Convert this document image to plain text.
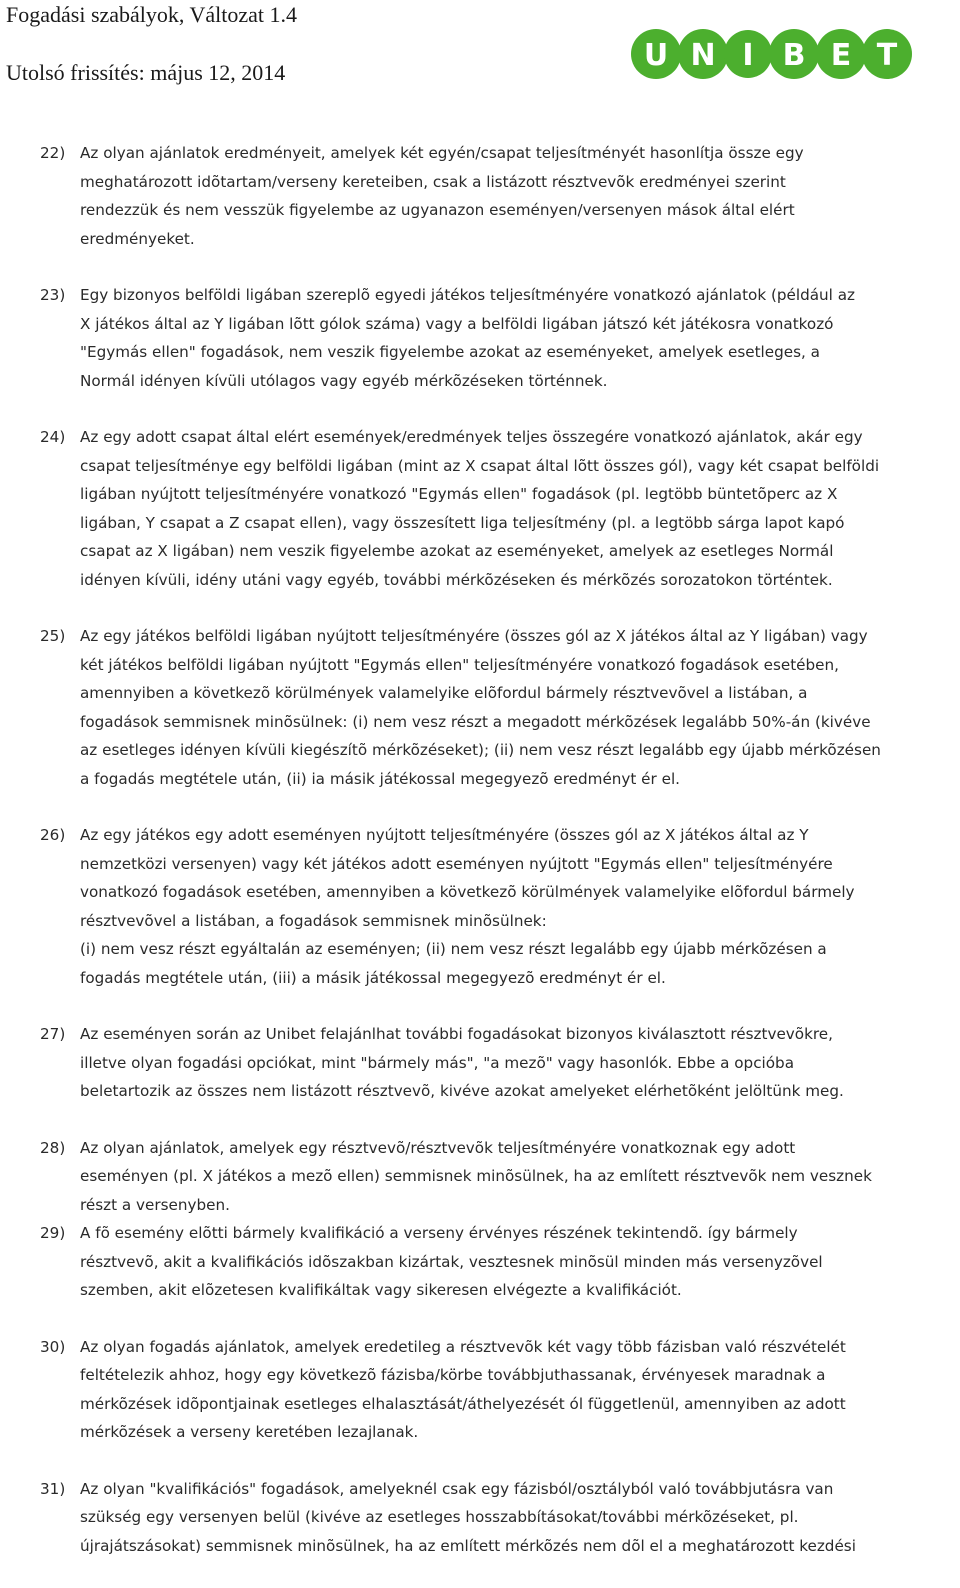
Fogadási szabályok, Változat 1.4
Utolsó frissítés: május 12, 2014	U N I B E T
22) Az olyan ajánlatok eredményeit, amelyek két egyén/csapat teljesítményét hasonlítja össze egy
meghatározott idõtartam/verseny kereteiben, csak a listázott résztvevõk eredményei szerint
rendezzük és nem vesszük figyelembe az ugyanazon eseményen/versenyen mások által elért
eredményeket.
23) Egy bizonyos belföldi ligában szereplõ egyedi játékos teljesítményére vonatkozó ajánlatok (például az
X játékos által az Y ligában lõtt gólok száma) vagy a belföldi ligában játszó két játékosra vonatkozó
"Egymás ellen" fogadások, nem veszik figyelembe azokat az eseményeket, amelyek esetleges, a
Normál idényen kívüli utólagos vagy egyéb mérkõzéseken történnek.
24) Az egy adott csapat által elért események/eredmények teljes összegére vonatkozó ajánlatok, akár egy
csapat teljesítménye egy belföldi ligában (mint az X csapat által lõtt összes gól), vagy két csapat belföldi
ligában nyújtott teljesítményére vonatkozó "Egymás ellen" fogadások (pl. legtöbb büntetõperc az X
ligában, Y csapat a Z csapat ellen), vagy összesített liga teljesítmény (pl. a legtöbb sárga lapot kapó
csapat az X ligában) nem veszik figyelembe azokat az eseményeket, amelyek az esetleges Normál
idényen kívüli, idény utáni vagy egyéb, további mérkõzéseken és mérkõzés sorozatokon történtek.
25) Az egy játékos belföldi ligában nyújtott teljesítményére (összes gól az X játékos által az Y ligában) vagy
két játékos belföldi ligában nyújtott "Egymás ellen" teljesítményére vonatkozó fogadások esetében,
amennyiben a következõ körülmények valamelyike elõfordul bármely résztvevõvel a listában, a
fogadások semmisnek minõsülnek: (i) nem vesz részt a megadott mérkõzések legalább 50%-án (kivéve
az esetleges idényen kívüli kiegészítõ mérkõzéseket); (ii) nem vesz részt legalább egy újabb mérkõzésen
a fogadás megtétele után, (ii) ia másik játékossal megegyezõ eredményt ér el.
26) Az egy játékos egy adott eseményen nyújtott teljesítményére (összes gól az X játékos által az Y
nemzetközi versenyen) vagy két játékos adott eseményen nyújtott "Egymás ellen" teljesítményére
vonatkozó fogadások esetében, amennyiben a következõ körülmények valamelyike elõfordul bármely
résztvevõvel a listában, a fogadások semmisnek minõsülnek:
(i) nem vesz részt egyáltalán az eseményen; (ii) nem vesz részt legalább egy újabb mérkõzésen a
fogadás megtétele után, (iii) a másik játékossal megegyezõ eredményt ér el.
27) Az eseményen során az Unibet felajánlhat további fogadásokat bizonyos kiválasztott résztvevõkre,
illetve olyan fogadási opciókat, mint "bármely más", "a mezõ" vagy hasonlók. Ebbe a opcióba
beletartozik az összes nem listázott résztvevõ, kivéve azokat amelyeket elérhetõként jelöltünk meg.
28) Az olyan ajánlatok, amelyek egy résztvevõ/résztvevõk teljesítményére vonatkoznak egy adott
eseményen (pl. X játékos a mezõ ellen) semmisnek minõsülnek, ha az említett résztvevõk nem vesznek
részt a versenyben.
29) A fõ esemény elõtti bármely kvalifikáció a verseny érvényes részének tekintendõ. így bármely
résztvevõ, akit a kvalifikációs idõszakban kizártak, vesztesnek minõsül minden más versenyzõvel
szemben, akit elõzetesen kvalifikáltak vagy sikeresen elvégezte a kvalifikációt.
30) Az olyan fogadás ajánlatok, amelyek eredetileg a résztvevõk két vagy több fázisban való részvételét
feltételezik ahhoz, hogy egy következõ fázisba/körbe továbbjuthassanak, érvényesek maradnak a
mérkõzések idõpontjainak esetleges elhalasztását/áthelyezését ól függetlenül, amennyiben az adott
mérkõzések a verseny keretében lezajlanak.
31) Az olyan "kvalifikációs" fogadások, amelyeknél csak egy fázisból/osztályból való továbbjutásra van
szükség egy versenyen belül (kivéve az esetleges hosszabbításokat/további mérkõzéseket, pl.
újrajátszásokat) semmisnek minõsülnek, ha az említett mérkõzés nem dõl el a meghatározott kezdési
